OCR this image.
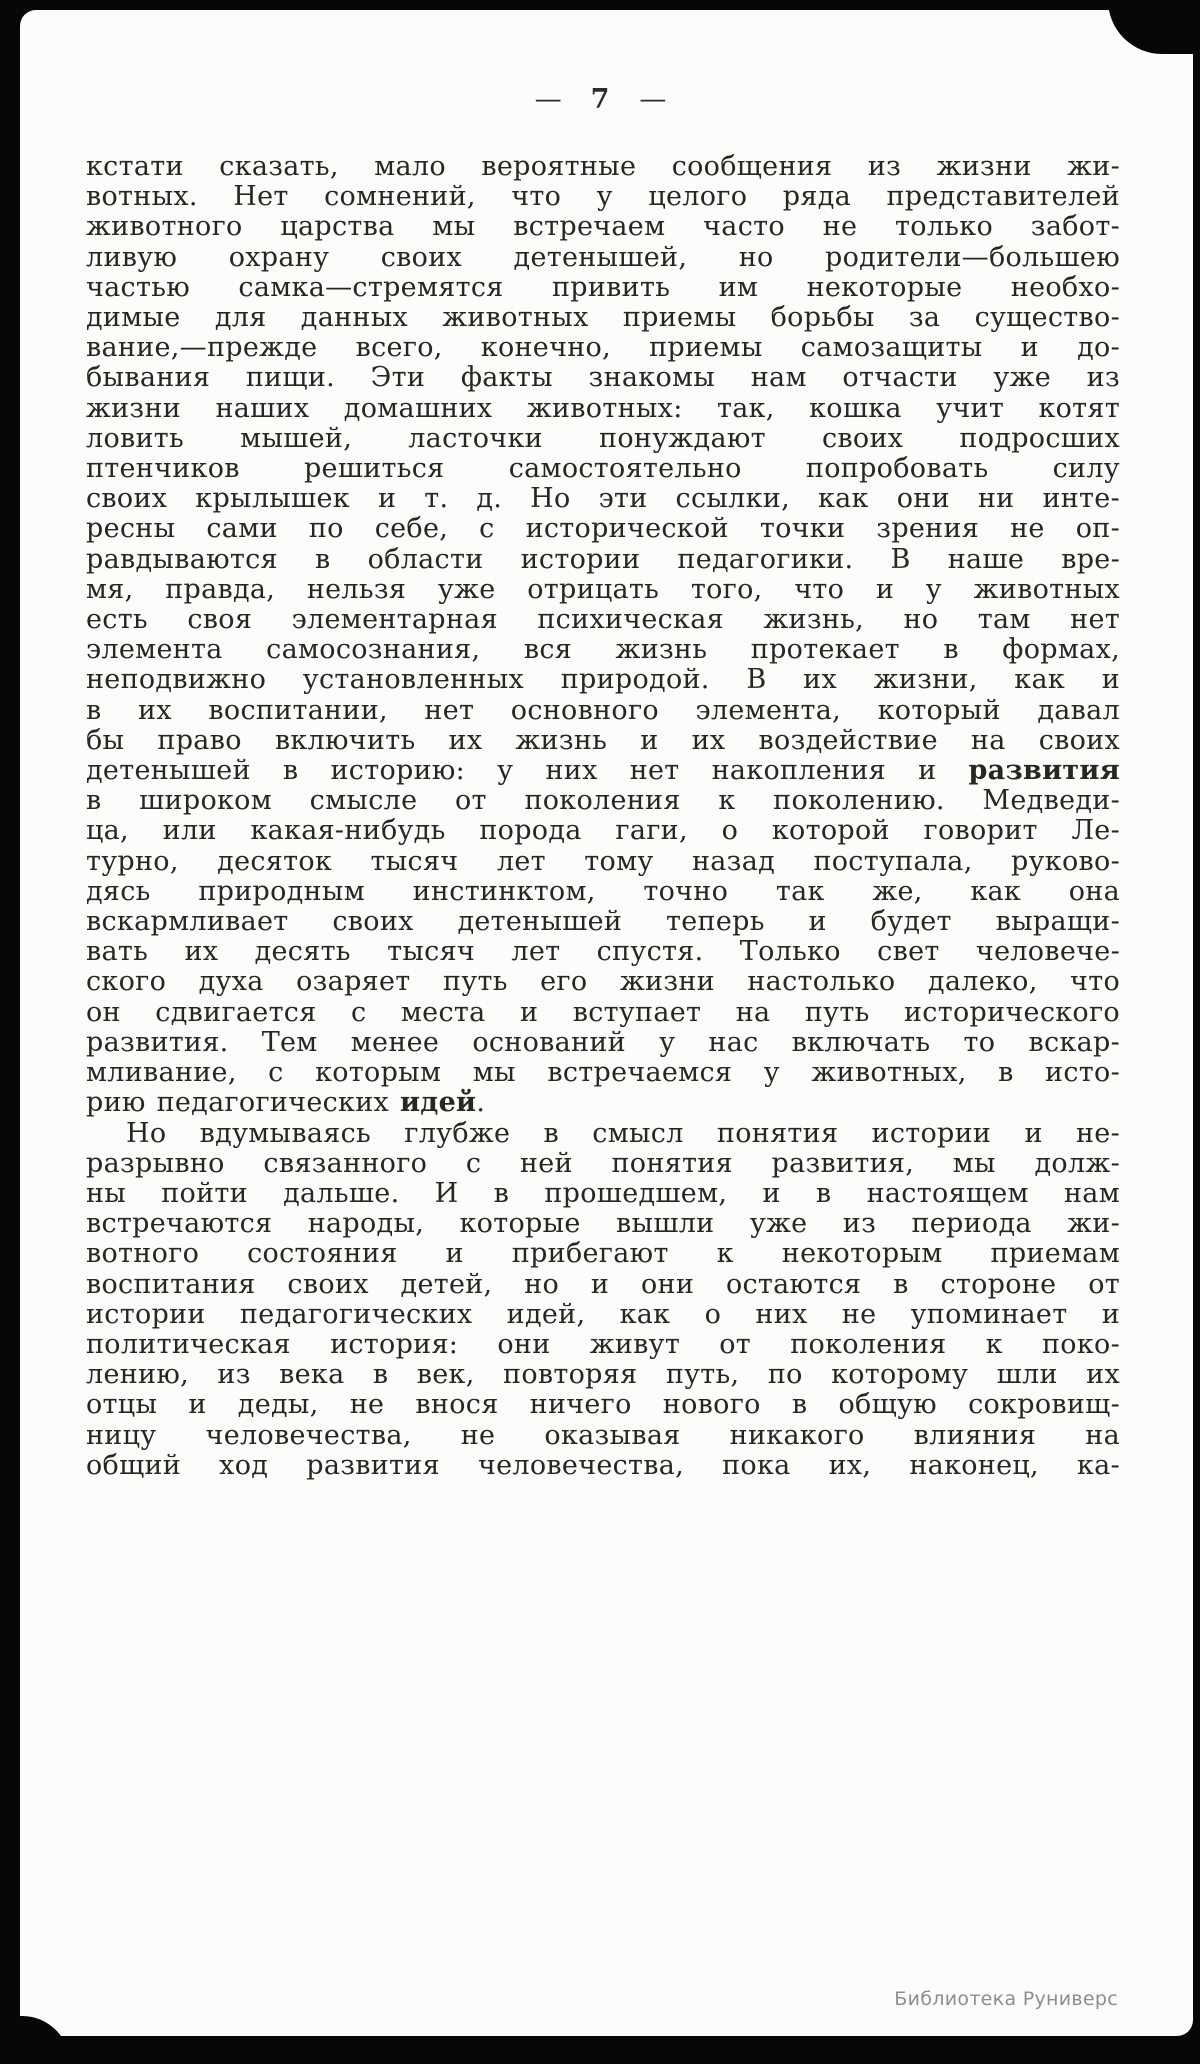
— 7 —
кстати сказать, мало вероятные сообщения из жизни жи-
вотных. Нет сомнений, что у целого ряда представителей
животного царства мы встречаем часто не только забот-
ливую охрану своих детенышей, но родители—большею
частью самка—стремятся привить им некоторые необхо-
димые для данных животных приемы борьбы за существо-
вание,—прежде всего, конечно, приемы самозащиты и до-
бывания пищи. Эти факты знакомы нам отчасти уже из
жизни наших домашних животных: так, кошка учит котят
ловить мышей, ласточки понуждают своих подросших
птенчиков решиться самостоятельно попробовать силу
своих крылышек и т. д. Но эти ссылки, как они ни инте-
ресны сами по себе, с исторической точки зрения не оп-
равдываются в области истории педагогики. В наше вре-
мя, правда, нельзя уже отрицать того, что и у животных
есть своя элементарная психическая жизнь, но там нет
элемента самосознания, вся жизнь протекает в формах,
неподвижно установленных природой. В их жизни, как и
в их воспитании, нет основного элемента, который давал
бы право включить их жизнь и их воздействие на своих
детенышей в историю: у них нет накопления и развития
в широком смысле от поколения к поколению. Медведи-
ца, или какая-нибудь порода гаги, о которой говорит Ле-
турно, десяток тысяч лет тому назад поступала, руково-
дясь природным инстинктом, точно так же, как она
вскармливает своих детенышей теперь и будет выращи-
вать их десять тысяч лет спустя. Только свет человече-
ского духа озаряет путь его жизни настолько далеко, что
он сдвигается с места и вступает на путь исторического
развития. Тем менее оснований у нас включать то вскар-
мливание, с которым мы встречаемся у животных, в исто-
рию педагогических идей.
Но вдумываясь глубже в смысл понятия истории и не-
разрывно связанного с ней понятия развития, мы долж-
ны пойти дальше. И в прошедшем, и в настоящем нам
встречаются народы, которые вышли уже из периода жи-
вотного состояния и прибегают к некоторым приемам
воспитания своих детей, но и они остаются в стороне от
истории педагогических идей, как о них не упоминает и
политическая история: они живут от поколения к поко-
лению, из века в век, повторяя путь, по которому шли их
отцы и деды, не внося ничего нового в общую сокровищ-
ницу человечества, не оказывая никакого влияния на
общий ход развития человечества, пока их, наконец, ка-
Библиотека Руниверс
